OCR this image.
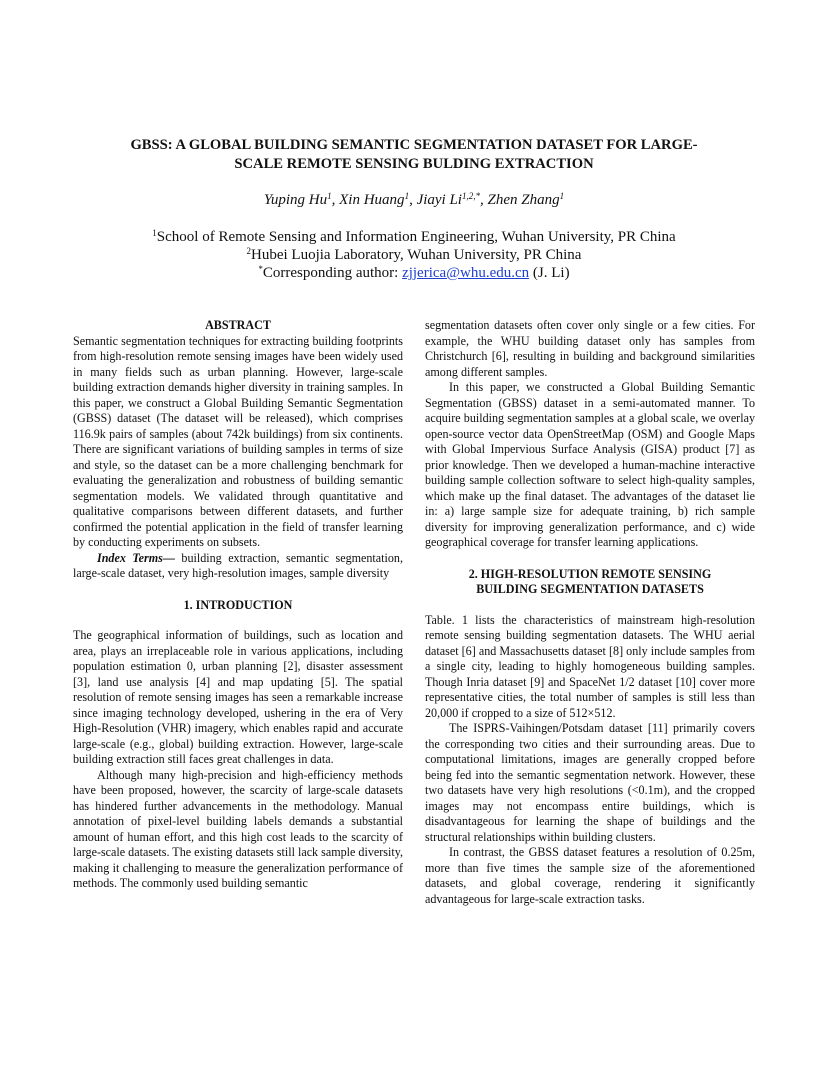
GBSS: A GLOBAL BUILDING SEMANTIC SEGMENTATION DATASET FOR LARGE-
SCALE REMOTE SENSING BULDING EXTRACTION
Yuping Hu$^1$, Xin Huang$^1$, Jiayi $Li^{1,2,*}$, Zhen Zhang$^1$
$^1$School of Remote Sensing and Information Engineering, Wuhan University, PR China
$^2$Hubei Luojia Laboratory, Wuhan University, PR China
*Corresponding author: zjjerica@whu.edu.cn (J. Li)
ABSTRACT

Semantic segmentation techniques for extracting building footprints from high-resolution remote sensing images have been widely used in many fields such as urban planning. However, large-scale building extraction demands higher diversity in training samples. In this paper, we construct a Global Building Semantic Segmentation (GBSS) dataset (The dataset will be released), which comprises 116.9k pairs of samples (about 742k buildings) from six continents. There are significant variations of building samples in terms of size and style, so the dataset can be a more challenging benchmark for evaluating the generalization and robustness of building semantic segmentation models. We validated through quantitative and qualitative comparisons between different datasets, and further confirmed the potential application in the field of transfer learning by conducting experiments on subsets.

Index Terms— building extraction, semantic segmentation, large-scale dataset, very high-resolution images, sample diversity

1. INTRODUCTION

The geographical information of buildings, such as location and area, plays an irreplaceable role in various applications, including population estimation 0, urban planning [2], disaster assessment [3], land use analysis [4] and map updating [5]. The spatial resolution of remote sensing images has seen a remarkable increase since imaging technology developed, ushering in the era of Very High-Resolution (VHR) imagery, which enables rapid and accurate large-scale (e.g., global) building extraction. However, large-scale building extraction still faces great challenges in data.

Although many high-precision and high-efficiency methods have been proposed, however, the scarcity of large-scale datasets has hindered further advancements in the methodology. Manual annotation of pixel-level building labels demands a substantial amount of human effort, and this high cost leads to the scarcity of large-scale datasets. The existing datasets still lack sample diversity, making it challenging to measure the generalization performance of methods. The commonly used building semantic

segmentation datasets often cover only single or a few cities. For example, the WHU building dataset only has samples from Christchurch [6], resulting in building and background similarities among different samples.

In this paper, we constructed a Global Building Semantic Segmentation (GBSS) dataset in a semi-automated manner. To acquire building segmentation samples at a global scale, we overlay open-source vector data OpenStreetMap (OSM) and Google Maps with Global Impervious Surface Analysis (GISA) product [7] as prior knowledge. Then we developed a human-machine interactive building sample collection software to select high-quality samples, which make up the final dataset. The advantages of the dataset lie in: a) large sample size for adequate training, b) rich sample diversity for improving generalization performance, and c) wide geographical coverage for transfer learning applications.

2. HIGH-RESOLUTION REMOTE SENSING
BUILDING SEGMENTATION DATASETS

Table. 1 lists the characteristics of mainstream high-resolution remote sensing building segmentation datasets. The WHU aerial dataset [6] and Massachusetts dataset [8] only include samples from a single city, leading to highly homogeneous building samples. Though Inria dataset [9] and SpaceNet 1/2 dataset [10] cover more representative cities, the total number of samples is still less than 20,000 if cropped to a size of 512×512.

The ISPRS-Vaihingen/Potsdam dataset [11] primarily covers the corresponding two cities and their surrounding areas. Due to computational limitations, images are generally cropped before being fed into the semantic segmentation network. However, these two datasets have very high resolutions (<0.1m), and the cropped images may not encompass entire buildings, which is disadvantageous for learning the shape of buildings and the structural relationships within building clusters.

In contrast, the GBSS dataset features a resolution of 0.25m, more than five times the sample size of the aforementioned datasets, and global coverage, rendering it significantly advantageous for large-scale extraction tasks.
